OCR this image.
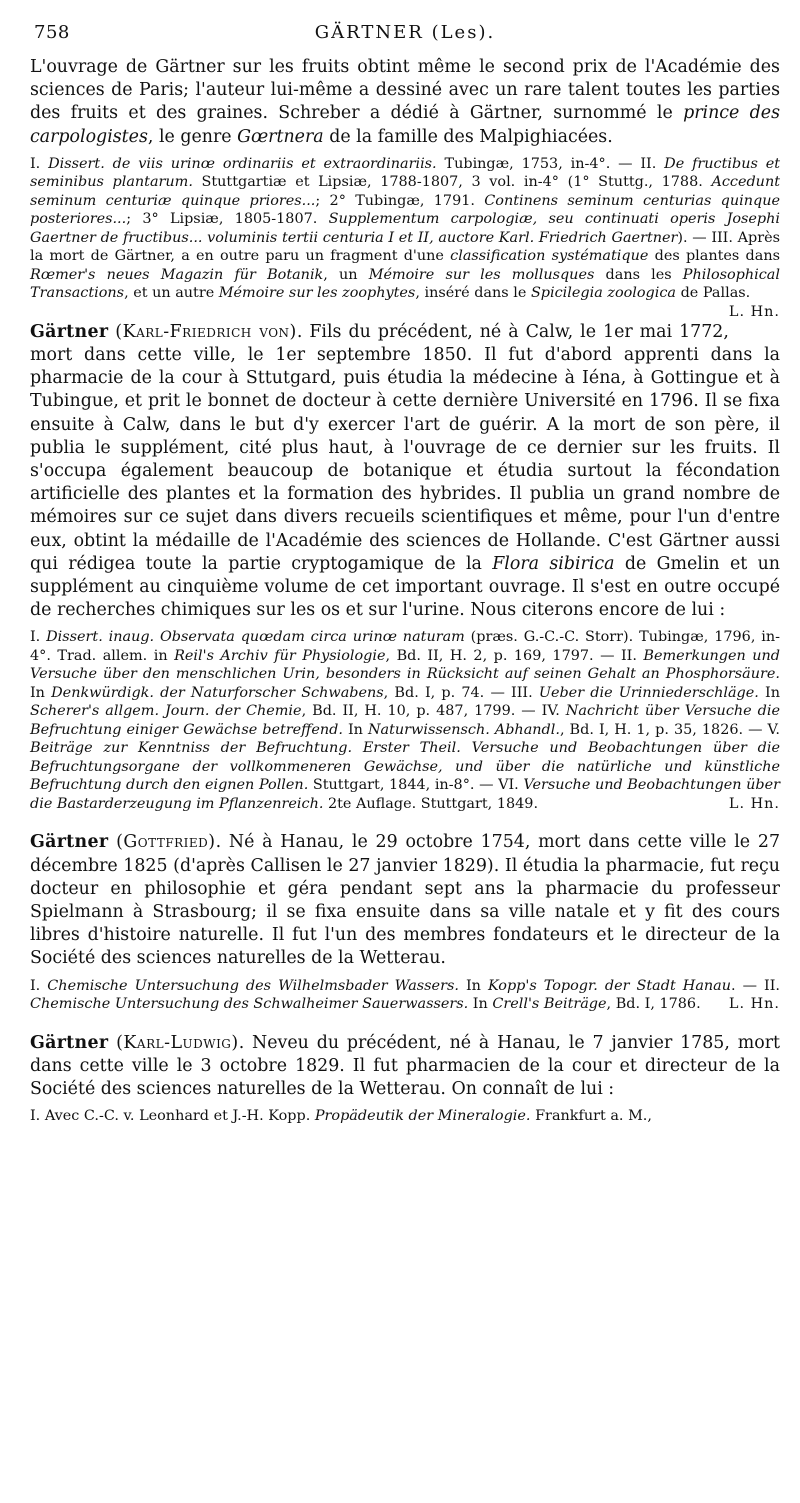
758	GÄRTNER (Les).

L'ouvrage de Gärtner sur les fruits obtint même le second prix de l'Académie des sciences de Paris; l'auteur lui-même a dessiné avec un rare talent toutes les parties des fruits et des graines. Schreber a dédié à Gärtner, surnommé le prince des carpologistes, le genre Gœrtnera de la famille des Malpighiacées.

I. Dissert. de viis urinœ ordinariis et extraordinariis. Tubingæ, 1753, in-4°. — II. De fructibus et seminibus plantarum. Stuttgartiæ et Lipsiæ, 1788-1807, 3 vol. in-4° (1° Stuttg., 1788. Accedunt seminum centuriæ quinque priores...; 2° Tubingæ, 1791. Continens seminum centurias quinque posteriores...; 3° Lipsiæ, 1805-1807. Supplementum carpologiæ, seu continuati operis Josephi Gaertner de fructibus... voluminis tertii centuria I et II, auctore Karl. Friedrich Gaertner). — III. Après la mort de Gärtner, a en outre paru un fragment d'une classification systématique des plantes dans Rœmer's neues Magazin für Botanik, un Mémoire sur les mollusques dans les Philosophical Transactions, et un autre Mémoire sur les zoophytes, inséré dans le Spicilegia zoologica de Pallas.
L. Hn.

Gärtner (Karl-Friedrich von). Fils du précédent, né à Calw, le 1er mai 1772, mort dans cette ville, le 1er septembre 1850. Il fut d'abord apprenti dans la pharmacie de la cour à Sttutgard, puis étudia la médecine à Iéna, à Gottingue et à Tubingue, et prit le bonnet de docteur à cette dernière Université en 1796. Il se fixa ensuite à Calw, dans le but d'y exercer l'art de guérir. A la mort de son père, il publia le supplément, cité plus haut, à l'ouvrage de ce dernier sur les fruits. Il s'occupa également beaucoup de botanique et étudia surtout la fécondation artificielle des plantes et la formation des hybrides. Il publia un grand nombre de mémoires sur ce sujet dans divers recueils scientifiques et même, pour l'un d'entre eux, obtint la médaille de l'Académie des sciences de Hollande. C'est Gärtner aussi qui rédigea toute la partie cryptogamique de la Flora sibirica de Gmelin et un supplément au cinquième volume de cet important ouvrage. Il s'est en outre occupé de recherches chimiques sur les os et sur l'urine. Nous citerons encore de lui :

I. Dissert. inaug. Observata quœdam circa urinœ naturam (præs. G.-C.-C. Storr). Tubingæ, 1796, in-4°. Trad. allem. in Reil's Archiv für Physiologie, Bd. II, H. 2, p. 169, 1797. — II. Bemerkungen und Versuche über den menschlichen Urin, besonders in Rücksicht auf seinen Gehalt an Phosphorsäure. In Denkwürdigk. der Naturforscher Schwabens, Bd. I, p. 74. — III. Ueber die Urinniederschläge. In Scherer's allgem. Journ. der Chemie, Bd. II, H. 10, p. 487, 1799. — IV. Nachricht über Versuche die Befruchtung einiger Gewächse betreffend. In Naturwissensch. Abhandl., Bd. I, H. 1, p. 35, 1826. — V. Beiträge zur Kenntniss der Befruchtung. Erster Theil. Versuche und Beobachtungen über die Befruchtungsorgane der vollkommeneren Gewächse, und über die natürliche und künstliche Befruchtung durch den eignen Pollen. Stuttgart, 1844, in-8°. — VI. Versuche und Beobachtungen über die Bastarderzeugung im Pflanzenreich. 2te Auflage. Stuttgart, 1849.	L. Hn.

Gärtner (Gottfried). Né à Hanau, le 29 octobre 1754, mort dans cette ville le 27 décembre 1825 (d'après Callisen le 27 janvier 1829). Il étudia la pharmacie, fut reçu docteur en philosophie et géra pendant sept ans la pharmacie du professeur Spielmann à Strasbourg; il se fixa ensuite dans sa ville natale et y fit des cours libres d'histoire naturelle. Il fut l'un des membres fondateurs et le directeur de la Société des sciences naturelles de la Wetterau.

I. Chemische Untersuchung des Wilhelmsbader Wassers. In Kopp's Topogr. der Stadt Hanau. — II. Chemische Untersuchung des Schwalheimer Sauerwassers. In Crell's Beiträge, Bd. I, 1786. L. Hn.

Gärtner (Karl-Ludwig). Neveu du précédent, né à Hanau, le 7 janvier 1785, mort dans cette ville le 3 octobre 1829. Il fut pharmacien de la cour et directeur de la Société des sciences naturelles de la Wetterau. On connaît de lui :

I. Avec C.-C. v. Leonhard et J.-H. Kopp. Propädeutik der Mineralogie. Frankfurt a. M.,
